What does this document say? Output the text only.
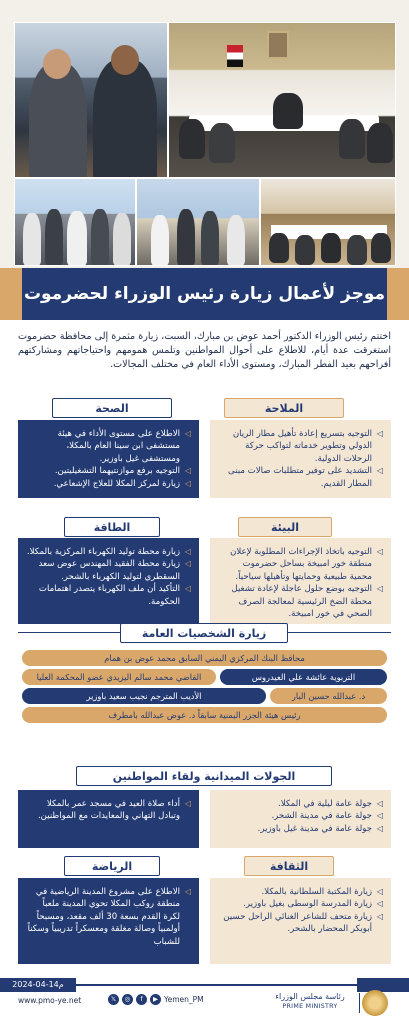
موجز لأعمال زيارة رئيس الوزراء لحضرموت
اختتم رئيس الوزراء الدكتور أحمد عوض بن مبارك، السبت، زيارة مثمرة إلى محافظة حضرموت استغرقت عدة أيام، للاطلاع على أحوال المواطنين وتلمس همومهم واحتياجاتهم ومشاركتهم أفراحهم بعيد الفطر المبارك، ومستوى الأداء العام في مختلف المجالات.
الملاحة
◁ التوجيه بتسريع إعادة تأهيل مطار الريان الدولي وتطوير خدماته لتواكب حركة الرحلات الدولية.
◁ التشديد على توفير متطلبات صالات مبنى المطار القديم.
الصحة
◁ الاطلاع على مستوى الأداء في هيئة مستشفى ابن سينا العام بالمكلا، ومستشفى غيل باوزير.
◁ التوجيه برفع موازنتيهما التشغيليتين.
◁ زيارة لمركز المكلا للعلاج الإشعاعي.
البيئة
◁ التوجيه باتخاذ الإجراءات المطلوبة لإعلان منطقة خور امبيخة بساحل حضرموت محمية طبيعية وحمايتها وتأهيلها سياحياً.
◁ التوجيه بوضع حلول عاجلة لإعادة تشغيل محطة الضخ الرئيسية لمعالجة الصرف الصحي في خور امبيخة.
الطاقة
◁ زيارة محطة توليد الكهرباء المركزية بالمكلا.
◁ زيارة محطة الفقيد المهندس عوض سعد السقطري لتوليد الكهرباء بالشحر.
◁ التأكيد أن ملف الكهرباء يتصدر اهتمامات الحكومة.
زيارة الشخصيات العامة
محافظ البنك المركزي اليمني السابق محمد عوض بن همام
التربوية عائشة علي العيدروس
القاضي محمد سالم اليزيدي عضو المحكمة العليا
د. عبدالله حسين البار
الأديب المترجم نجيب سعيد باوزير
رئيس هيئة الجزر اليمنية سابقاً د. عوض عبدالله بامطرف
الجولات الميدانية ولقاء المواطنين
◁ جولة عامة ليلية في المكلا.
◁ جولة عامة في مدينة الشحر.
◁ جولة عامة في مدينة غيل باوزير.
◁ أداء صلاة العيد في مسجد عمر بالمكلا وتبادل التهاني والمعايدات مع المواطنين.
الثقافة
◁ زيارة المكتبة السلطانية بالمكلا.
◁ زيارة المدرسة الوسطى بغيل باوزير.
◁ زيارة متحف للشاعر الغنائي الراحل حسين أبوبكر المحضار بالشحر.
الرياضة
◁ الاطلاع على مشروع المدينة الرياضية في منطقة روكب المكلا تحوي المدينة ملعباً لكرة القدم بسعة 30 ألف مقعد، ومسبحاً أولمبياً وصالة مغلقة ومعسكراً تدريبياً وسكناً للشباب
2024-04-14م
www.pmo-ye.net	𝕏	◎	f	▶ Yemen_PM	رئاسة مجلس الوزراء
PRIME MINISTRY
